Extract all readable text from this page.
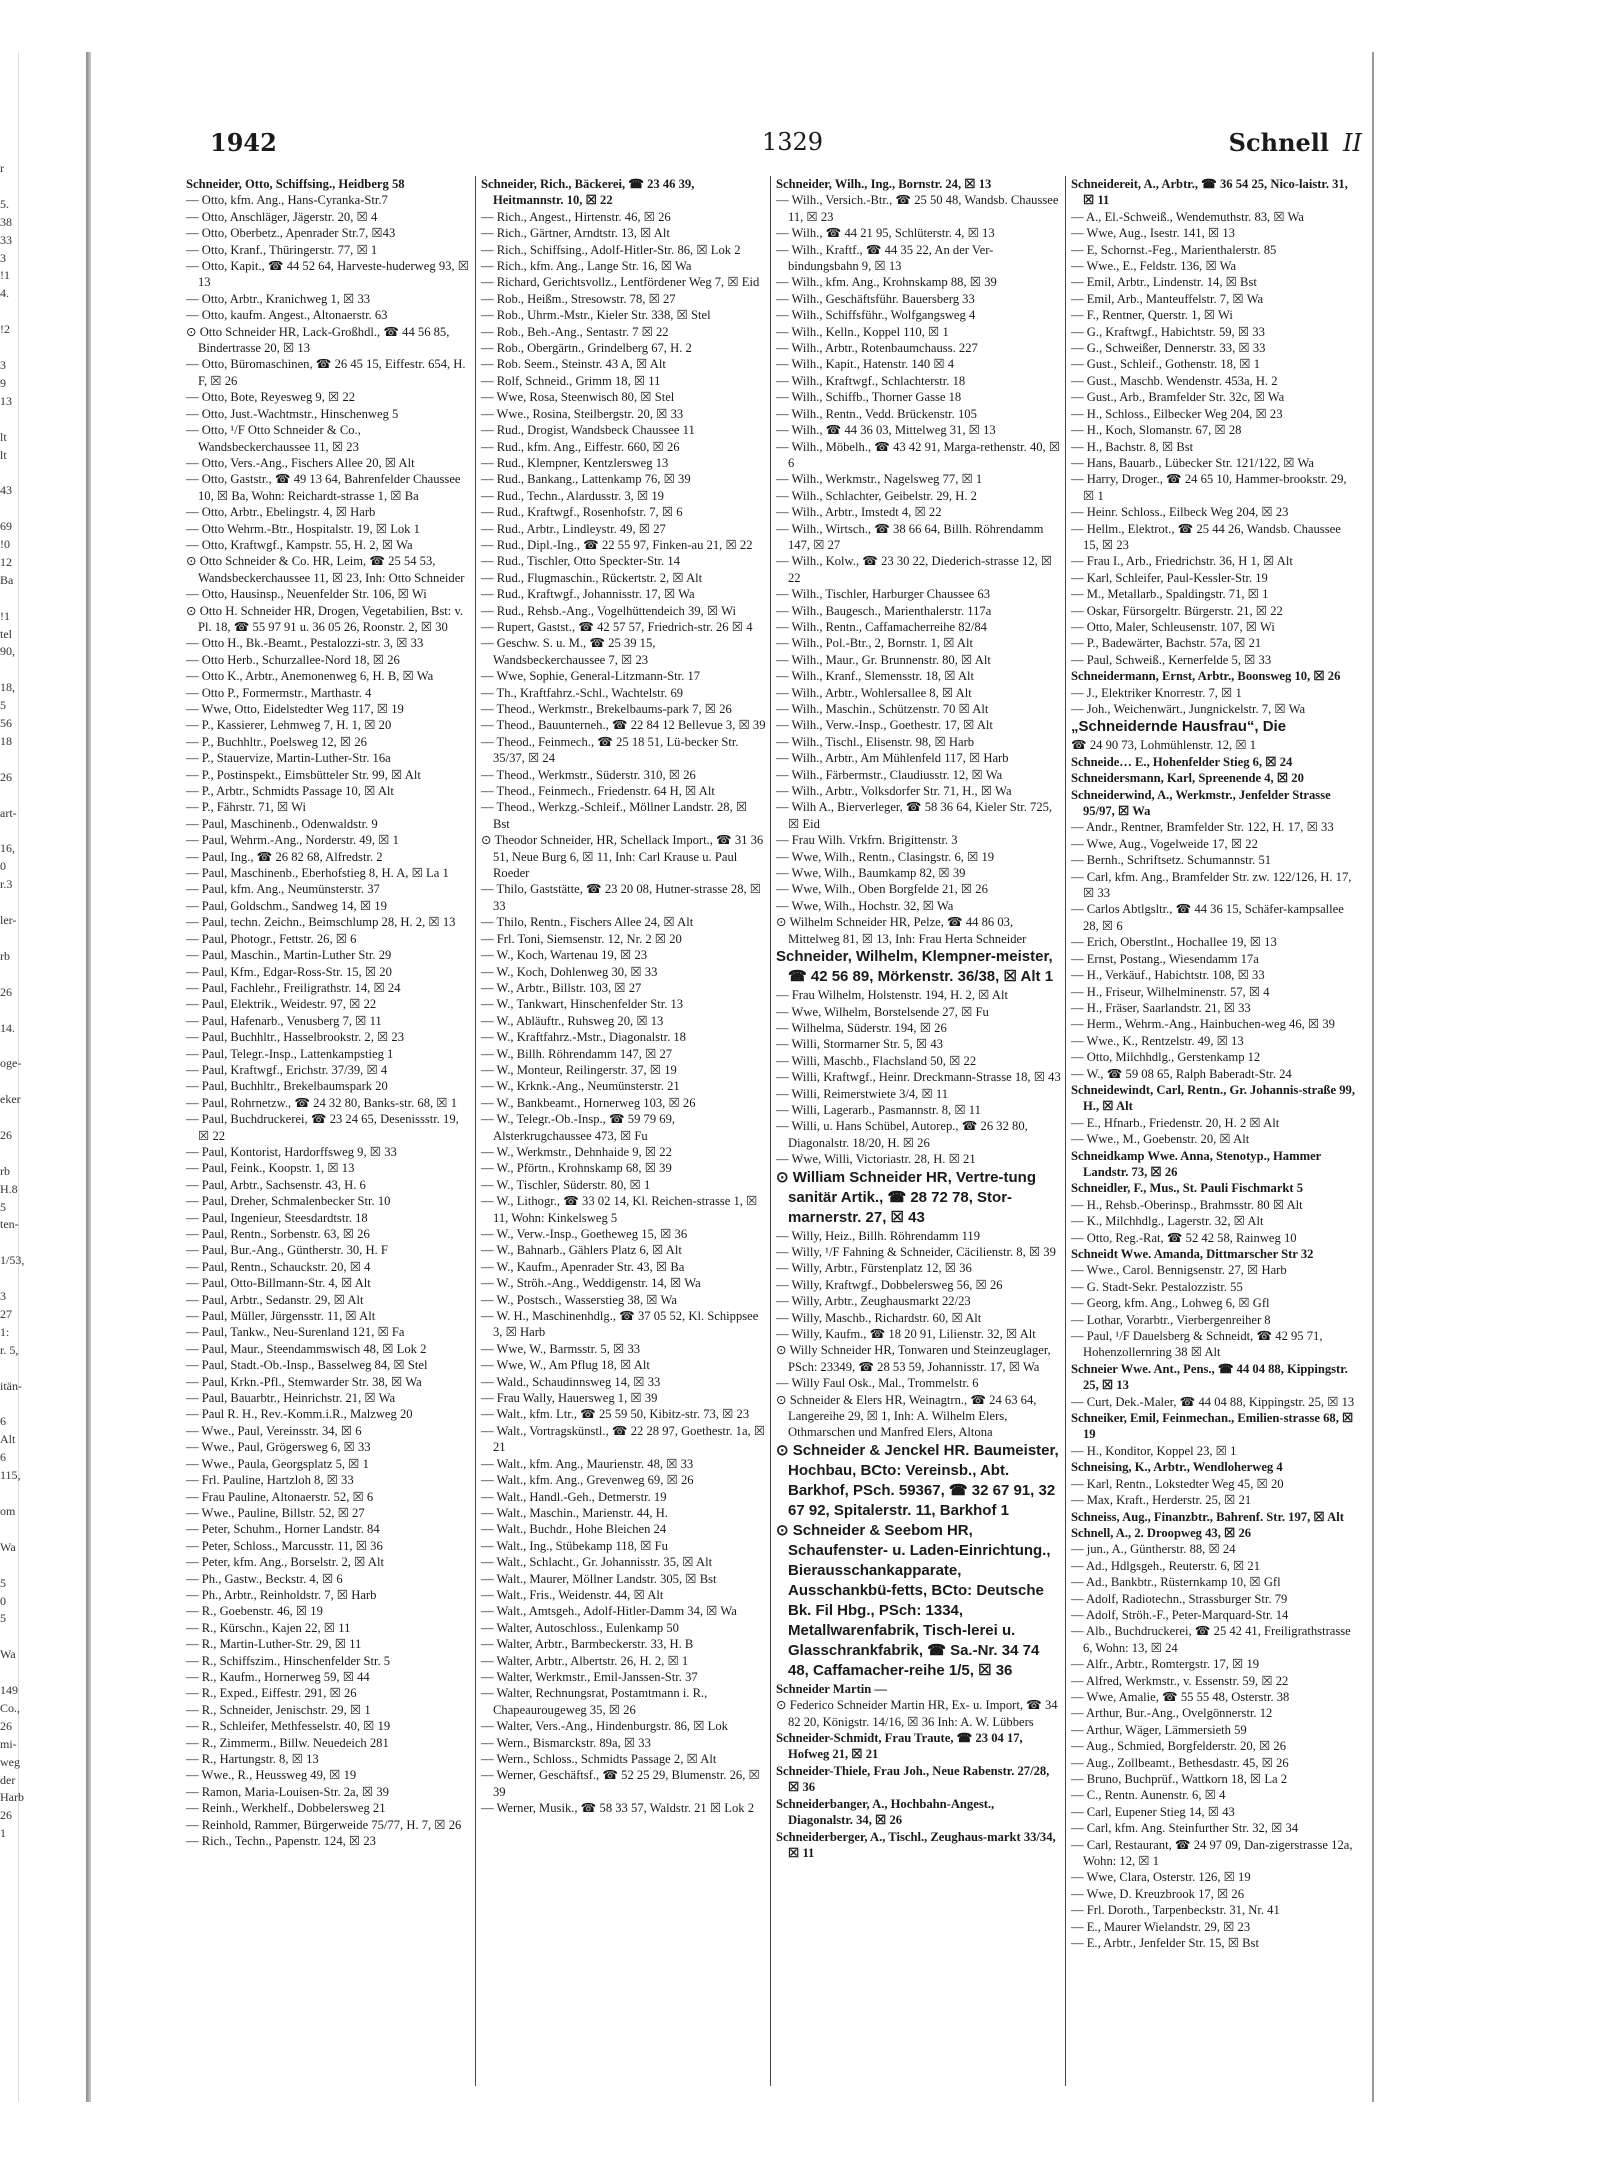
r

5.
38
33
3
!1
4.

!2

3
9
13

lt
lt

43

69
!0
12
Ba

!1
tel
90,

18,
5
56
18

26

art-

16,
0
r.3

ler-

rb

26

14.

oge-

eker

26

rb
H.8
5
ten-

1/53,

3
27
1:
r. 5,

itän-

6
Alt
6
115,

om

Wa

5
0
5

Wa

149
Co.,
26
mi-
weg
der
Harb
26
1
1942	1329	Schnell II

Schneider, Otto, Schiffsing., Heidberg 58

— Otto, kfm. Ang., Hans-Cyranka-Str.7

— Otto, Anschläger, Jägerstr. 20, ☒ 4

— Otto, Oberbetz., Apenrader Str.7, ☒43

— Otto, Kranf., Thüringerstr. 77, ☒ 1

— Otto, Kapit., ☎ 44 52 64, Harveste-huderweg 93, ☒ 13

— Otto, Arbtr., Kranichweg 1, ☒ 33

— Otto, kaufm. Angest., Altonaerstr. 63

⊙ Otto Schneider HR, Lack-Großhdl., ☎ 44 56 85, Bindertrasse 20, ☒ 13

— Otto, Büromaschinen, ☎ 26 45 15, Eiffestr. 654, H. F, ☒ 26

— Otto, Bote, Reyesweg 9, ☒ 22

— Otto, Just.-Wachtmstr., Hinschenweg 5

— Otto, ¹/F Otto Schneider & Co., Wandsbeckerchaussee 11, ☒ 23

— Otto, Vers.-Ang., Fischers Allee 20, ☒ Alt

— Otto, Gaststr., ☎ 49 13 64, Bahrenfelder Chaussee 10, ☒ Ba, Wohn: Reichardt-strasse 1, ☒ Ba

— Otto, Arbtr., Ebelingstr. 4, ☒ Harb

— Otto Wehrm.-Btr., Hospitalstr. 19, ☒ Lok 1

— Otto, Kraftwgf., Kampstr. 55, H. 2, ☒ Wa

⊙ Otto Schneider & Co. HR, Leim, ☎ 25 54 53, Wandsbeckerchaussee 11, ☒ 23, Inh: Otto Schneider

— Otto, Hausinsp., Neuenfelder Str. 106, ☒ Wi

⊙ Otto H. Schneider HR, Drogen, Vegetabilien, Bst: v. Pl. 18, ☎ 55 97 91 u. 36 05 26, Roonstr. 2, ☒ 30

— Otto H., Bk.-Beamt., Pestalozzi-str. 3, ☒ 33

— Otto Herb., Schurzallee-Nord 18, ☒ 26

— Otto K., Arbtr., Anemonenweg 6, H. B, ☒ Wa

— Otto P., Formermstr., Marthastr. 4

— Wwe, Otto, Eidelstedter Weg 117, ☒ 19

— P., Kassierer, Lehmweg 7, H. 1, ☒ 20

— P., Buchhltr., Poelsweg 12, ☒ 26

— P., Stauervize, Martin-Luther-Str. 16a

— P., Postinspekt., Eimsbütteler Str. 99, ☒ Alt

— P., Arbtr., Schmidts Passage 10, ☒ Alt

— P., Fährstr. 71, ☒ Wi

— Paul, Maschinenb., Odenwaldstr. 9

— Paul, Wehrm.-Ang., Norderstr. 49, ☒ 1

— Paul, Ing., ☎ 26 82 68, Alfredstr. 2

— Paul, Maschinenb., Eberhofstieg 8, H. A, ☒ La 1

— Paul, kfm. Ang., Neumünsterstr. 37

— Paul, Goldschm., Sandweg 14, ☒ 19

— Paul, techn. Zeichn., Beimschlump 28, H. 2, ☒ 13

— Paul, Photogr., Fettstr. 26, ☒ 6

— Paul, Maschin., Martin-Luther Str. 29

— Paul, Kfm., Edgar-Ross-Str. 15, ☒ 20

— Paul, Fachlehr., Freiligrathstr. 14, ☒ 24

— Paul, Elektrik., Weidestr. 97, ☒ 22

— Paul, Hafenarb., Venusberg 7, ☒ 11

— Paul, Buchhltr., Hasselbrookstr. 2, ☒ 23

— Paul, Telegr.-Insp., Lattenkampstieg 1

— Paul, Kraftwgf., Erichstr. 37/39, ☒ 4

— Paul, Buchhltr., Brekelbaumspark 20

— Paul, Rohrnetzw., ☎ 24 32 80, Banks-str. 68, ☒ 1

— Paul, Buchdruckerei, ☎ 23 24 65, Desenissstr. 19, ☒ 22

— Paul, Kontorist, Hardorffsweg 9, ☒ 33

— Paul, Feink., Koopstr. 1, ☒ 13

— Paul, Arbtr., Sachsenstr. 43, H. 6

— Paul, Dreher, Schmalenbecker Str. 10

— Paul, Ingenieur, Steesdardtstr. 18

— Paul, Rentn., Sorbenstr. 63, ☒ 26

— Paul, Bur.-Ang., Güntherstr. 30, H. F

— Paul, Rentn., Schauckstr. 20, ☒ 4

— Paul, Otto-Billmann-Str. 4, ☒ Alt

— Paul, Arbtr., Sedanstr. 29, ☒ Alt

— Paul, Müller, Jürgensstr. 11, ☒ Alt

— Paul, Tankw., Neu-Surenland 121, ☒ Fa

— Paul, Maur., Steendammswisch 48, ☒ Lok 2

— Paul, Stadt.-Ob.-Insp., Basselweg 84, ☒ Stel

— Paul, Krkn.-Pfl., Stemwarder Str. 38, ☒ Wa

— Paul, Bauarbtr., Heinrichstr. 21, ☒ Wa

— Paul R. H., Rev.-Komm.i.R., Malzweg 20

— Wwe., Paul, Vereinsstr. 34, ☒ 6

— Wwe., Paul, Grögersweg 6, ☒ 33

— Wwe., Paula, Georgsplatz 5, ☒ 1

— Frl. Pauline, Hartzloh 8, ☒ 33

— Frau Pauline, Altonaerstr. 52, ☒ 6

— Wwe., Pauline, Billstr. 52, ☒ 27

— Peter, Schuhm., Horner Landstr. 84

— Peter, Schloss., Marcusstr. 11, ☒ 36

— Peter, kfm. Ang., Borselstr. 2, ☒ Alt

— Ph., Gastw., Beckstr. 4, ☒ 6

— Ph., Arbtr., Reinholdstr. 7, ☒ Harb

— R., Goebenstr. 46, ☒ 19

— R., Kürschn., Kajen 22, ☒ 11

— R., Martin-Luther-Str. 29, ☒ 11

— R., Schiffszim., Hinschenfelder Str. 5

— R., Kaufm., Hornerweg 59, ☒ 44

— R., Exped., Eiffestr. 291, ☒ 26

— R., Schneider, Jenischstr. 29, ☒ 1

— R., Schleifer, Methfesselstr. 40, ☒ 19

— R., Zimmerm., Billw. Neuedeich 281

— R., Hartungstr. 8, ☒ 13

— Wwe., R., Heussweg 49, ☒ 19

— Ramon, Maria-Louisen-Str. 2a, ☒ 39

— Reinh., Werkhelf., Dobbelersweg 21

— Reinhold, Rammer, Bürgerweide 75/77, H. 7, ☒ 26

— Rich., Techn., Papenstr. 124, ☒ 23

Schneider, Rich., Bäckerei, ☎ 23 46 39, Heitmannstr. 10, ☒ 22

— Rich., Angest., Hirtenstr. 46, ☒ 26

— Rich., Gärtner, Arndtstr. 13, ☒ Alt

— Rich., Schiffsing., Adolf-Hitler-Str. 86, ☒ Lok 2

— Rich., kfm. Ang., Lange Str. 16, ☒ Wa

— Richard, Gerichtsvollz., Lentfördener Weg 7, ☒ Eid

— Rob., Heißm., Stresowstr. 78, ☒ 27

— Rob., Uhrm.-Mstr., Kieler Str. 338, ☒ Stel

— Rob., Beh.-Ang., Sentastr. 7 ☒ 22

— Rob., Obergärtn., Grindelberg 67, H. 2

— Rob. Seem., Steinstr. 43 A, ☒ Alt

— Rolf, Schneid., Grimm 18, ☒ 11

— Wwe, Rosa, Steenwisch 80, ☒ Stel

— Wwe., Rosina, Steilbergstr. 20, ☒ 33

— Rud., Drogist, Wandsbeck Chaussee 11

— Rud., kfm. Ang., Eiffestr. 660, ☒ 26

— Rud., Klempner, Kentzlersweg 13

— Rud., Bankang., Lattenkamp 76, ☒ 39

— Rud., Techn., Alardusstr. 3, ☒ 19

— Rud., Kraftwgf., Rosenhofstr. 7, ☒ 6

— Rud., Arbtr., Lindleystr. 49, ☒ 27

— Rud., Dipl.-Ing., ☎ 22 55 97, Finken-au 21, ☒ 22

— Rud., Tischler, Otto Speckter-Str. 14

— Rud., Flugmaschin., Rückertstr. 2, ☒ Alt

— Rud., Kraftwgf., Johannisstr. 17, ☒ Wa

— Rud., Rehsb.-Ang., Vogelhüttendeich 39, ☒ Wi

— Rupert, Gastst., ☎ 42 57 57, Friedrich-str. 26 ☒ 4

— Geschw. S. u. M., ☎ 25 39 15, Wandsbeckerchaussee 7, ☒ 23

— Wwe, Sophie, General-Litzmann-Str. 17

— Th., Kraftfahrz.-Schl., Wachtelstr. 69

— Theod., Werkmstr., Brekelbaums-park 7, ☒ 26

— Theod., Bauunterneh., ☎ 22 84 12 Bellevue 3, ☒ 39

— Theod., Feinmech., ☎ 25 18 51, Lü-becker Str. 35/37, ☒ 24

— Theod., Werkmstr., Süderstr. 310, ☒ 26

— Theod., Feinmech., Friedenstr. 64 H, ☒ Alt

— Theod., Werkzg.-Schleif., Möllner Landstr. 28, ☒ Bst

⊙ Theodor Schneider, HR, Schellack Import., ☎ 31 36 51, Neue Burg 6, ☒ 11, Inh: Carl Krause u. Paul Roeder

— Thilo, Gaststätte, ☎ 23 20 08, Hutner-strasse 28, ☒ 33

— Thilo, Rentn., Fischers Allee 24, ☒ Alt

— Frl. Toni, Siemsenstr. 12, Nr. 2 ☒ 20

— W., Koch, Wartenau 19, ☒ 23

— W., Koch, Dohlenweg 30, ☒ 33

— W., Arbtr., Billstr. 103, ☒ 27

— W., Tankwart, Hinschenfelder Str. 13

— W., Abläuftr., Ruhsweg 20, ☒ 13

— W., Kraftfahrz.-Mstr., Diagonalstr. 18

— W., Billh. Röhrendamm 147, ☒ 27

— W., Monteur, Reilingerstr. 37, ☒ 19

— W., Krknk.-Ang., Neumünsterstr. 21

— W., Bankbeamt., Hornerweg 103, ☒ 26

— W., Telegr.-Ob.-Insp., ☎ 59 79 69, Alsterkrugchaussee 473, ☒ Fu

— W., Werkmstr., Dehnhaide 9, ☒ 22

— W., Pförtn., Krohnskamp 68, ☒ 39

— W., Tischler, Süderstr. 80, ☒ 1

— W., Lithogr., ☎ 33 02 14, Kl. Reichen-strasse 1, ☒ 11, Wohn: Kinkelsweg 5

— W., Verw.-Insp., Goetheweg 15, ☒ 36

— W., Bahnarb., Gählers Platz 6, ☒ Alt

— W., Kaufm., Apenrader Str. 43, ☒ Ba

— W., Ströh.-Ang., Weddigenstr. 14, ☒ Wa

— W., Postsch., Wasserstieg 38, ☒ Wa

— W. H., Maschinenhdlg., ☎ 37 05 52, Kl. Schippsee 3, ☒ Harb

— Wwe, W., Barmsstr. 5, ☒ 33

— Wwe, W., Am Pflug 18, ☒ Alt

— Wald., Schaudinnsweg 14, ☒ 33

— Frau Wally, Hauersweg 1, ☒ 39

— Walt., kfm. Ltr., ☎ 25 59 50, Kibitz-str. 73, ☒ 23

— Walt., Vortragskünstl., ☎ 22 28 97, Goethestr. 1a, ☒ 21

— Walt., kfm. Ang., Maurienstr. 48, ☒ 33

— Walt., kfm. Ang., Grevenweg 69, ☒ 26

— Walt., Handl.-Geh., Detmerstr. 19

— Walt., Maschin., Marienstr. 44, H.

— Walt., Buchdr., Hohe Bleichen 24

— Walt., Ing., Stübekamp 118, ☒ Fu

— Walt., Schlacht., Gr. Johannisstr. 35, ☒ Alt

— Walt., Maurer, Möllner Landstr. 305, ☒ Bst

— Walt., Fris., Weidenstr. 44, ☒ Alt

— Walt., Amtsgeh., Adolf-Hitler-Damm 34, ☒ Wa

— Walter, Autoschloss., Eulenkamp 50

— Walter, Arbtr., Barmbeckerstr. 33, H. B

— Walter, Arbtr., Albertstr. 26, H. 2, ☒ 1

— Walter, Werkmstr., Emil-Janssen-Str. 37

— Walter, Rechnungsrat, Postamtmann i. R., Chapeaurougeweg 35, ☒ 26

— Walter, Vers.-Ang., Hindenburgstr. 86, ☒ Lok

— Wern., Bismarckstr. 89a, ☒ 33

— Wern., Schloss., Schmidts Passage 2, ☒ Alt

— Werner, Geschäftsf., ☎ 52 25 29, Blumenstr. 26, ☒ 39

— Werner, Musik., ☎ 58 33 57, Waldstr. 21 ☒ Lok 2

Schneider, Wilh., Ing., Bornstr. 24, ☒ 13

— Wilh., Versich.-Btr., ☎ 25 50 48, Wandsb. Chaussee 11, ☒ 23

— Wilh., ☎ 44 21 95, Schlüterstr. 4, ☒ 13

— Wilh., Kraftf., ☎ 44 35 22, An der Ver-bindungsbahn 9, ☒ 13

— Wilh., kfm. Ang., Krohnskamp 88, ☒ 39

— Wilh., Geschäftsführ. Bauersberg 33

— Wilh., Schiffsführ., Wolfgangsweg 4

— Wilh., Kelln., Koppel 110, ☒ 1

— Wilh., Arbtr., Rotenbaumchauss. 227

— Wilh., Kapit., Hatenstr. 140 ☒ 4

— Wilh., Kraftwgf., Schlachterstr. 18

— Wilh., Schiffb., Thorner Gasse 18

— Wilh., Rentn., Vedd. Brückenstr. 105

— Wilh., ☎ 44 36 03, Mittelweg 31, ☒ 13

— Wilh., Möbelh., ☎ 43 42 91, Marga-rethenstr. 40, ☒ 6

— Wilh., Werkmstr., Nagelsweg 77, ☒ 1

— Wilh., Schlachter, Geibelstr. 29, H. 2

— Wilh., Arbtr., Imstedt 4, ☒ 22

— Wilh., Wirtsch., ☎ 38 66 64, Billh. Röhrendamm 147, ☒ 27

— Wilh., Kolw., ☎ 23 30 22, Diederich-strasse 12, ☒ 22

— Wilh., Tischler, Harburger Chaussee 63

— Wilh., Baugesch., Marienthalerstr. 117a

— Wilh., Rentn., Caffamacherreihe 82/84

— Wilh., Pol.-Btr., 2, Bornstr. 1, ☒ Alt

— Wilh., Maur., Gr. Brunnenstr. 80, ☒ Alt

— Wilh., Kranf., Slemensstr. 18, ☒ Alt

— Wilh., Arbtr., Wohlersallee 8, ☒ Alt

— Wilh., Maschin., Schützenstr. 70 ☒ Alt

— Wilh., Verw.-Insp., Goethestr. 17, ☒ Alt

— Wilh., Tischl., Elisenstr. 98, ☒ Harb

— Wilh., Arbtr., Am Mühlenfeld 117, ☒ Harb

— Wilh., Färbermstr., Claudiusstr. 12, ☒ Wa

— Wilh., Arbtr., Volksdorfer Str. 71, H., ☒ Wa

— Wilh A., Bierverleger, ☎ 58 36 64, Kieler Str. 725, ☒ Eid

— Frau Wilh. Vrkfrn. Brigittenstr. 3

— Wwe, Wilh., Rentn., Clasingstr. 6, ☒ 19

— Wwe, Wilh., Baumkamp 82, ☒ 39

— Wwe, Wilh., Oben Borgfelde 21, ☒ 26

— Wwe, Wilh., Hochstr. 32, ☒ Wa

⊙ Wilhelm Schneider HR, Pelze, ☎ 44 86 03, Mittelweg 81, ☒ 13, Inh: Frau Herta Schneider

Schneider, Wilhelm, Klempner-meister, ☎ 42 56 89, Mörkenstr. 36/38, ☒ Alt 1

— Frau Wilhelm, Holstenstr. 194, H. 2, ☒ Alt

— Wwe, Wilhelm, Borstelsende 27, ☒ Fu

— Wilhelma, Süderstr. 194, ☒ 26

— Willi, Stormarner Str. 5, ☒ 43

— Willi, Maschb., Flachsland 50, ☒ 22

— Willi, Kraftwgf., Heinr. Dreckmann-Strasse 18, ☒ 43

— Willi, Reimerstwiete 3/4, ☒ 11

— Willi, Lagerarb., Pasmannstr. 8, ☒ 11

— Willi, u. Hans Schübel, Autorep., ☎ 26 32 80, Diagonalstr. 18/20, H. ☒ 26

— Wwe, Willi, Victoriastr. 28, H. ☒ 21

⊙ William Schneider HR, Vertre-tung sanitär Artik., ☎ 28 72 78, Stor-marnerstr. 27, ☒ 43

— Willy, Heiz., Billh. Röhrendamm 119

— Willy, ¹/F Fahning & Schneider, Cäcilienstr. 8, ☒ 39

— Willy, Arbtr., Fürstenplatz 12, ☒ 36

— Willy, Kraftwgf., Dobbelersweg 56, ☒ 26

— Willy, Arbtr., Zeughausmarkt 22/23

— Willy, Maschb., Richardstr. 60, ☒ Alt

— Willy, Kaufm., ☎ 18 20 91, Lilienstr. 32, ☒ Alt

⊙ Willy Schneider HR, Tonwaren und Steinzeuglager, PSch: 23349, ☎ 28 53 59, Johannisstr. 17, ☒ Wa

— Willy Faul Osk., Mal., Trommelstr. 6

⊙ Schneider & Elers HR, Weinagtrn., ☎ 24 63 64, Langereihe 29, ☒ 1, Inh: A. Wilhelm Elers, Othmarschen und Manfred Elers, Altona

⊙ Schneider & Jenckel HR. Baumeister, Hochbau, BCto: Vereinsb., Abt. Barkhof, PSch. 59367, ☎ 32 67 91, 32 67 92, Spitalerstr. 11, Barkhof 1

⊙ Schneider & Seebom HR, Schaufenster- u. Laden-Einrichtung., Bierausschankapparate, Ausschankbü-fetts, BCto: Deutsche Bk. Fil Hbg., PSch: 1334, Metallwarenfabrik, Tisch-lerei u. Glasschrankfabrik, ☎ Sa.-Nr. 34 74 48, Caffamacher-reihe 1/5, ☒ 36

Schneider Martin —

⊙ Federico Schneider Martin HR, Ex- u. Import, ☎ 34 82 20, Königstr. 14/16, ☒ 36 Inh: A. W. Lübbers

Schneider-Schmidt, Frau Traute, ☎ 23 04 17, Hofweg 21, ☒ 21

Schneider-Thiele, Frau Joh., Neue Rabenstr. 27/28, ☒ 36

Schneiderbanger, A., Hochbahn-Angest., Diagonalstr. 34, ☒ 26

Schneiderberger, A., Tischl., Zeughaus-markt 33/34, ☒ 11

Schneidereit, A., Arbtr., ☎ 36 54 25, Nico-laistr. 31, ☒ 11

— A., El.-Schweiß., Wendemuthstr. 83, ☒ Wa

— Wwe, Aug., Isestr. 141, ☒ 13

— E, Schornst.-Feg., Marienthalerstr. 85

— Wwe., E., Feldstr. 136, ☒ Wa

— Emil, Arbtr., Lindenstr. 14, ☒ Bst

— Emil, Arb., Manteuffelstr. 7, ☒ Wa

— F., Rentner, Querstr. 1, ☒ Wi

— G., Kraftwgf., Habichtstr. 59, ☒ 33

— G., Schweißer, Dennerstr. 33, ☒ 33

— Gust., Schleif., Gothenstr. 18, ☒ 1

— Gust., Maschb. Wendenstr. 453a, H. 2

— Gust., Arb., Bramfelder Str. 32c, ☒ Wa

— H., Schloss., Eilbecker Weg 204, ☒ 23

— H., Koch, Slomanstr. 67, ☒ 28

— H., Bachstr. 8, ☒ Bst

— Hans, Bauarb., Lübecker Str. 121/122, ☒ Wa

— Harry, Droger., ☎ 24 65 10, Hammer-brookstr. 29, ☒ 1

— Heinr. Schloss., Eilbeck Weg 204, ☒ 23

— Hellm., Elektrot., ☎ 25 44 26, Wandsb. Chaussee 15, ☒ 23

— Frau I., Arb., Friedrichstr. 36, H 1, ☒ Alt

— Karl, Schleifer, Paul-Kessler-Str. 19

— M., Metallarb., Spaldingstr. 71, ☒ 1

— Oskar, Fürsorgeltr. Bürgerstr. 21, ☒ 22

— Otto, Maler, Schleusenstr. 107, ☒ Wi

— P., Badewärter, Bachstr. 57a, ☒ 21

— Paul, Schweiß., Kernerfelde 5, ☒ 33

Schneidermann, Ernst, Arbtr., Boonsweg 10, ☒ 26

— J., Elektriker Knorrestr. 7, ☒ 1

— Joh., Weichenwärt., Jungnickelstr. 7, ☒ Wa

„Schneidernde Hausfrau“, Die

☎ 24 90 73, Lohmühlenstr. 12, ☒ 1

Schneide… E., Hohenfelder Stieg 6, ☒ 24

Schneidersmann, Karl, Spreenende 4, ☒ 20

Schneiderwind, A., Werkmstr., Jenfelder Strasse 95/97, ☒ Wa

— Andr., Rentner, Bramfelder Str. 122, H. 17, ☒ 33

— Wwe, Aug., Vogelweide 17, ☒ 22

— Bernh., Schriftsetz. Schumannstr. 51

— Carl, kfm. Ang., Bramfelder Str. zw. 122/126, H. 17, ☒ 33

— Carlos Abtlgsltr., ☎ 44 36 15, Schäfer-kampsallee 28, ☒ 6

— Erich, Oberstlnt., Hochallee 19, ☒ 13

— Ernst, Postang., Wiesendamm 17a

— H., Verkäuf., Habichtstr. 108, ☒ 33

— H., Friseur, Wilhelminenstr. 57, ☒ 4

— H., Fräser, Saarlandstr. 21, ☒ 33

— Herm., Wehrm.-Ang., Hainbuchen-weg 46, ☒ 39

— Wwe., K., Rentzelstr. 49, ☒ 13

— Otto, Milchhdlg., Gerstenkamp 12

— W., ☎ 59 08 65, Ralph Baberadt-Str. 24

Schneidewindt, Carl, Rentn., Gr. Johannis-straße 99, H., ☒ Alt

— E., Hfnarb., Friedenstr. 20, H. 2 ☒ Alt

— Wwe., M., Goebenstr. 20, ☒ Alt

Schneidkamp Wwe. Anna, Stenotyp., Hammer Landstr. 73, ☒ 26

Schneidler, F., Mus., St. Pauli Fischmarkt 5

— H., Rehsb.-Oberinsp., Brahmsstr. 80 ☒ Alt

— K., Milchhdlg., Lagerstr. 32, ☒ Alt

— Otto, Reg.-Rat, ☎ 52 42 58, Rainweg 10

Schneidt Wwe. Amanda, Dittmarscher Str 32

— Wwe., Carol. Bennigsenstr. 27, ☒ Harb

— G. Stadt-Sekr. Pestalozzistr. 55

— Georg, kfm. Ang., Lohweg 6, ☒ Gfl

— Lothar, Vorarbtr., Vierbergenreiher 8

— Paul, ¹/F Dauelsberg & Schneidt, ☎ 42 95 71, Hohenzollernring 38 ☒ Alt

Schneier Wwe. Ant., Pens., ☎ 44 04 88, Kippingstr. 25, ☒ 13

— Curt, Dek.-Maler, ☎ 44 04 88, Kippingstr. 25, ☒ 13

Schneiker, Emil, Feinmechan., Emilien-strasse 68, ☒ 19

— H., Konditor, Koppel 23, ☒ 1

Schneising, K., Arbtr., Wendloherweg 4

— Karl, Rentn., Lokstedter Weg 45, ☒ 20

— Max, Kraft., Herderstr. 25, ☒ 21

Schneiss, Aug., Finanzbtr., Bahrenf. Str. 197, ☒ Alt

Schnell, A., 2. Droopweg 43, ☒ 26

— jun., A., Güntherstr. 88, ☒ 24

— Ad., Hdlgsgeh., Reuterstr. 6, ☒ 21

— Ad., Bankbtr., Rüsternkamp 10, ☒ Gfl

— Adolf, Radiotechn., Strassburger Str. 79

— Adolf, Ströh.-F., Peter-Marquard-Str. 14

— Alb., Buchdruckerei, ☎ 25 42 41, Freiligrathstrasse 6, Wohn: 13, ☒ 24

— Alfr., Arbtr., Romtergstr. 17, ☒ 19

— Alfred, Werkmstr., v. Essenstr. 59, ☒ 22

— Wwe, Amalie, ☎ 55 55 48, Osterstr. 38

— Arthur, Bur.-Ang., Ovelgönnerstr. 12

— Arthur, Wäger, Lämmersieth 59

— Aug., Schmied, Borgfelderstr. 20, ☒ 26

— Aug., Zollbeamt., Bethesdastr. 45, ☒ 26

— Bruno, Buchprüf., Wattkorn 18, ☒ La 2

— C., Rentn. Aunenstr. 6, ☒ 4

— Carl, Eupener Stieg 14, ☒ 43

— Carl, kfm. Ang. Steinfurther Str. 32, ☒ 34

— Carl, Restaurant, ☎ 24 97 09, Dan-zigerstrasse 12a, Wohn: 12, ☒ 1

— Wwe, Clara, Osterstr. 126, ☒ 19

— Wwe, D. Kreuzbrook 17, ☒ 26

— Frl. Doroth., Tarpenbeckstr. 31, Nr. 41

— E., Maurer Wielandstr. 29, ☒ 23

— E., Arbtr., Jenfelder Str. 15, ☒ Bst
